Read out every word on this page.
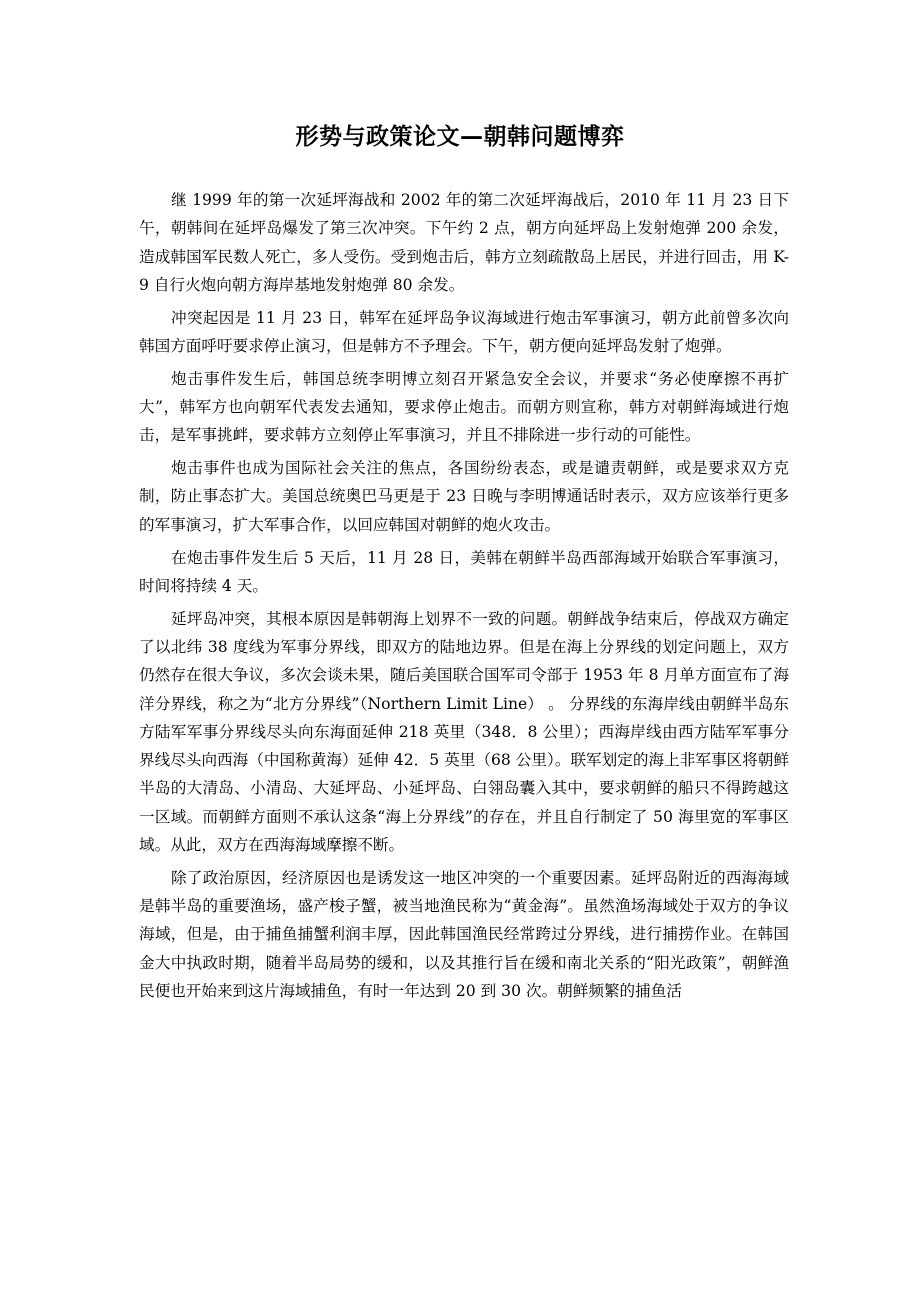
形势与政策论文—朝韩问题博弈

继 1999 年的第一次延坪海战和 2002 年的第二次延坪海战后，2010 年 11 月 23 日下午，朝韩间在延坪岛爆发了第三次冲突。下午约 2 点，朝方向延坪岛上发射炮弹 200 余发，造成韩国军民数人死亡，多人受伤。受到炮击后，韩方立刻疏散岛上居民，并进行回击，用 K-9 自行火炮向朝方海岸基地发射炮弹 80 余发。

冲突起因是 11 月 23 日，韩军在延坪岛争议海域进行炮击军事演习，朝方此前曾多次向韩国方面呼吁要求停止演习，但是韩方不予理会。下午，朝方便向延坪岛发射了炮弹。

炮击事件发生后，韩国总统李明博立刻召开紧急安全会议，并要求“务必使摩擦不再扩大”，韩军方也向朝军代表发去通知，要求停止炮击。而朝方则宣称，韩方对朝鲜海域进行炮击，是军事挑衅，要求韩方立刻停止军事演习，并且不排除进一步行动的可能性。

炮击事件也成为国际社会关注的焦点，各国纷纷表态，或是谴责朝鲜，或是要求双方克制，防止事态扩大。美国总统奥巴马更是于 23 日晚与李明博通话时表示，双方应该举行更多的军事演习，扩大军事合作，以回应韩国对朝鲜的炮火攻击。

在炮击事件发生后 5 天后，11 月 28 日，美韩在朝鲜半岛西部海域开始联合军事演习，时间将持续 4 天。

延坪岛冲突，其根本原因是韩朝海上划界不一致的问题。朝鲜战争结束后，停战双方确定了以北纬 38 度线为军事分界线，即双方的陆地边界。但是在海上分界线的划定问题上，双方仍然存在很大争议，多次会谈未果，随后美国联合国军司令部于 1953 年 8 月单方面宣布了海洋分界线，称之为“北方分界线”（Northern Limit Line） 。 分界线的东海岸线由朝鲜半岛东方陆军军事分界线尽头向东海面延伸 218 英里（348．8 公里）；西海岸线由西方陆军军事分界线尽头向西海（中国称黄海）延伸 42．5 英里（68 公里）。联军划定的海上非军事区将朝鲜半岛的大清岛、小清岛、大延坪岛、小延坪岛、白翎岛囊入其中，要求朝鲜的船只不得跨越这一区域。而朝鲜方面则不承认这条“海上分界线”的存在，并且自行制定了 50 海里宽的军事区域。从此，双方在西海海域摩擦不断。

除了政治原因，经济原因也是诱发这一地区冲突的一个重要因素。延坪岛附近的西海海域是韩半岛的重要渔场，盛产梭子蟹，被当地渔民称为“黄金海”。虽然渔场海域处于双方的争议海域，但是，由于捕鱼捕蟹利润丰厚，因此韩国渔民经常跨过分界线，进行捕捞作业。在韩国金大中执政时期，随着半岛局势的缓和，以及其推行旨在缓和南北关系的“阳光政策”，朝鲜渔民便也开始来到这片海域捕鱼，有时一年达到 20 到 30 次。朝鲜频繁的捕鱼活
